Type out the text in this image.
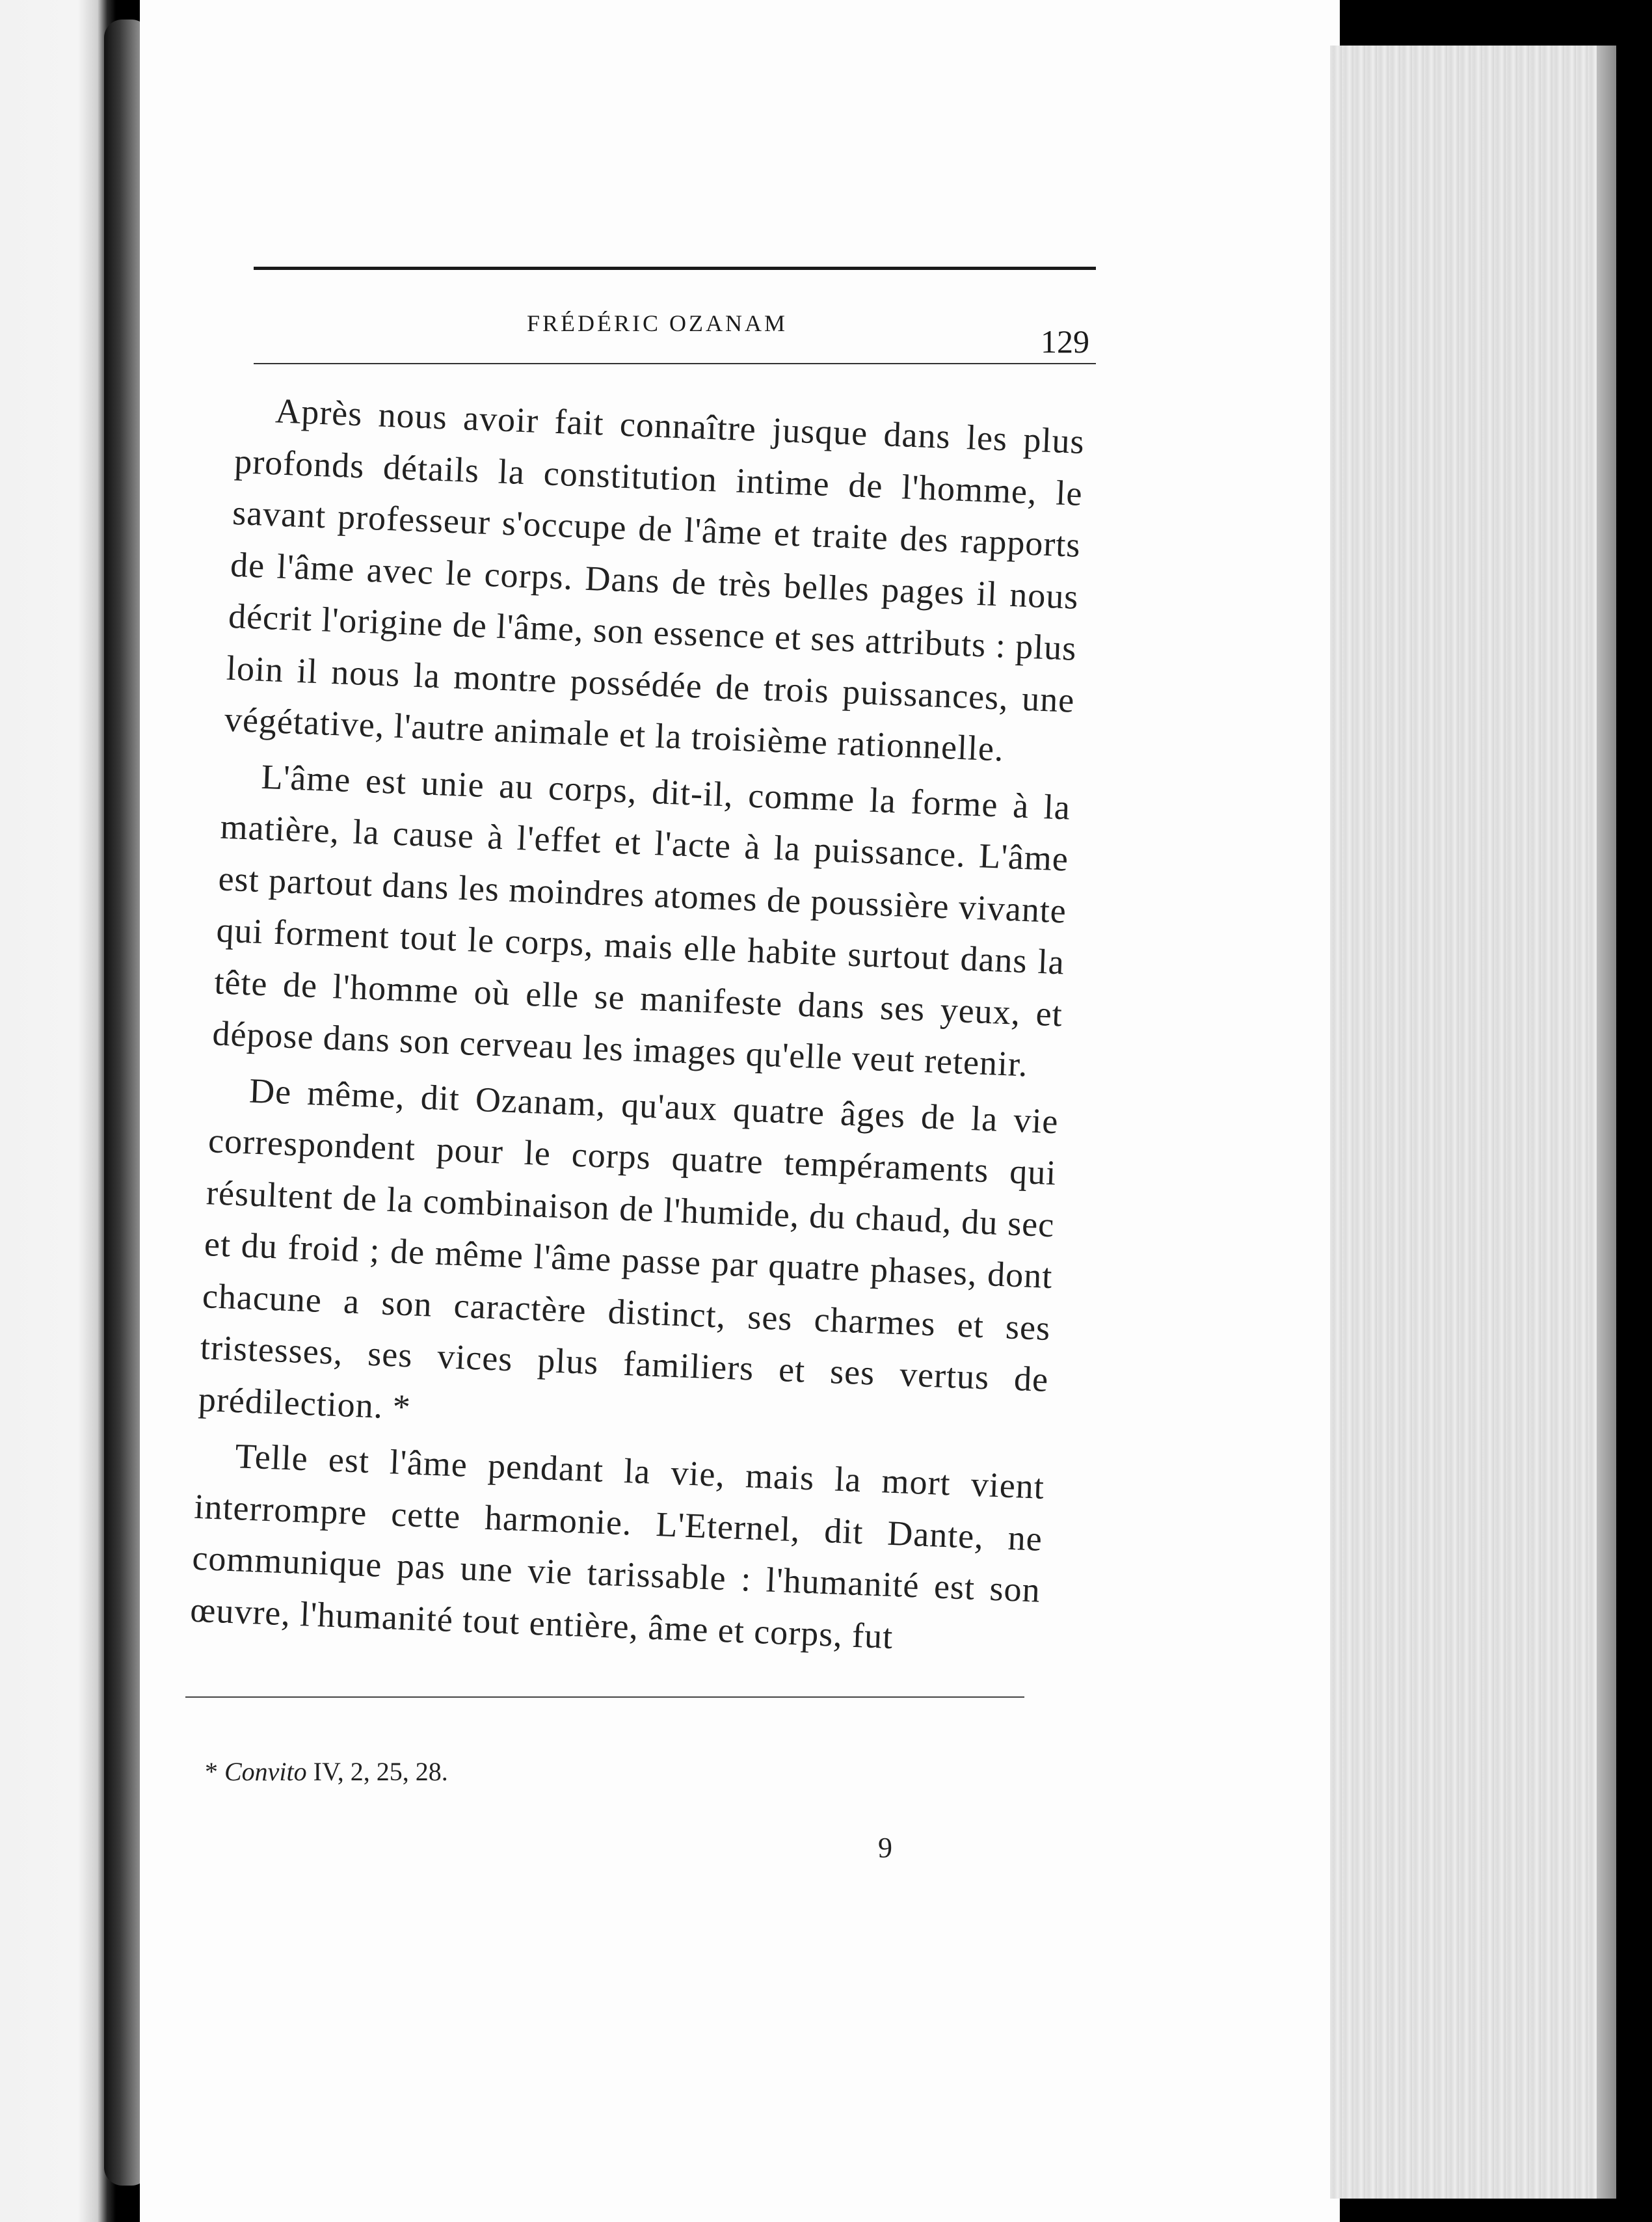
FRÉDÉRIC OZANAM	129

Après nous avoir fait connaître jusque dans les plus profonds détails la constitution intime de l'homme, le savant professeur s'occupe de l'âme et traite des rapports de l'âme avec le corps. Dans de très belles pages il nous décrit l'origine de l'âme, son essence et ses attributs : plus loin il nous la montre possédée de trois puissances, une végétative, l'autre animale et la troisième rationnelle.

L'âme est unie au corps, dit-il, comme la forme à la matière, la cause à l'effet et l'acte à la puissance. L'âme est partout dans les moindres atomes de poussière vivante qui forment tout le corps, mais elle habite surtout dans la tête de l'homme où elle se manifeste dans ses yeux, et dépose dans son cerveau les images qu'elle veut retenir.

De même, dit Ozanam, qu'aux quatre âges de la vie correspondent pour le corps quatre tempéraments qui résultent de la combinaison de l'humide, du chaud, du sec et du froid ; de même l'âme passe par quatre phases, dont chacune a son caractère distinct, ses charmes et ses tristesses, ses vices plus familiers et ses vertus de prédilection. *

Telle est l'âme pendant la vie, mais la mort vient interrompre cette harmonie. L'Eternel, dit Dante, ne communique pas une vie tarissable : l'humanité est son œuvre, l'humanité tout entière, âme et corps, fut

* Convito IV, 2, 25, 28.
9
